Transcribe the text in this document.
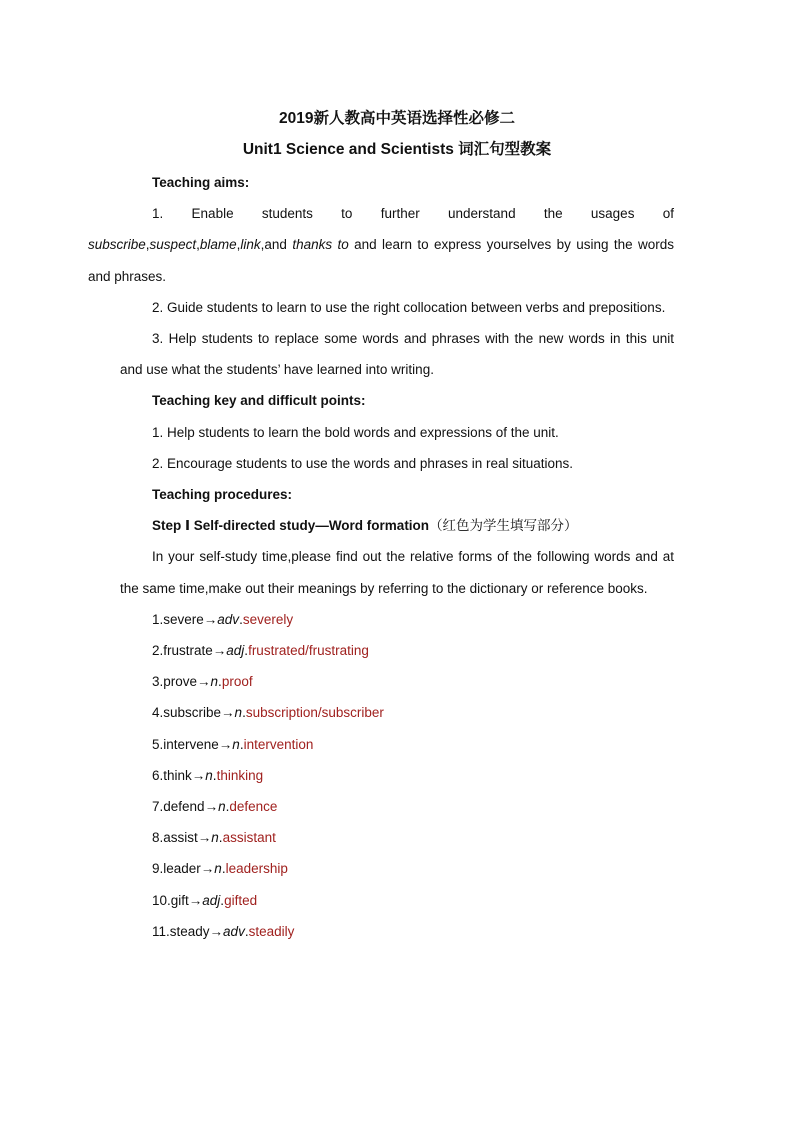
2019新人教高中英语选择性必修二
Unit1 Science and Scientists 词汇句型教案
Teaching aims:
1. Enable students to further understand the usages of
subscribe,suspect,blame,link,and thanks to and learn to express yourselves by using the words and phrases.
2. Guide students to learn to use the right collocation between verbs and prepositions.
3. Help students to replace some words and phrases with the new words in this unit and use what the students’ have learned into writing.
Teaching key and difficult points:
1. Help students to learn the bold words and expressions of the unit.
2. Encourage students to use the words and phrases in real situations.
Teaching procedures:
Step Ⅰ Self-directed study—Word formation（红色为学生填写部分）
In your self-study time,please find out the relative forms of the following words and at the same time,make out their meanings by referring to the dictionary or reference books.
1.severe→adv.severely
2.frustrate→adj.frustrated/frustrating
3.prove→n.proof
4.subscribe→n.subscription/subscriber
5.intervene→n.intervention
6.think→n.thinking
7.defend→n.defence
8.assist→n.assistant
9.leader→n.leadership
10.gift→adj.gifted
11.steady→adv.steadily
